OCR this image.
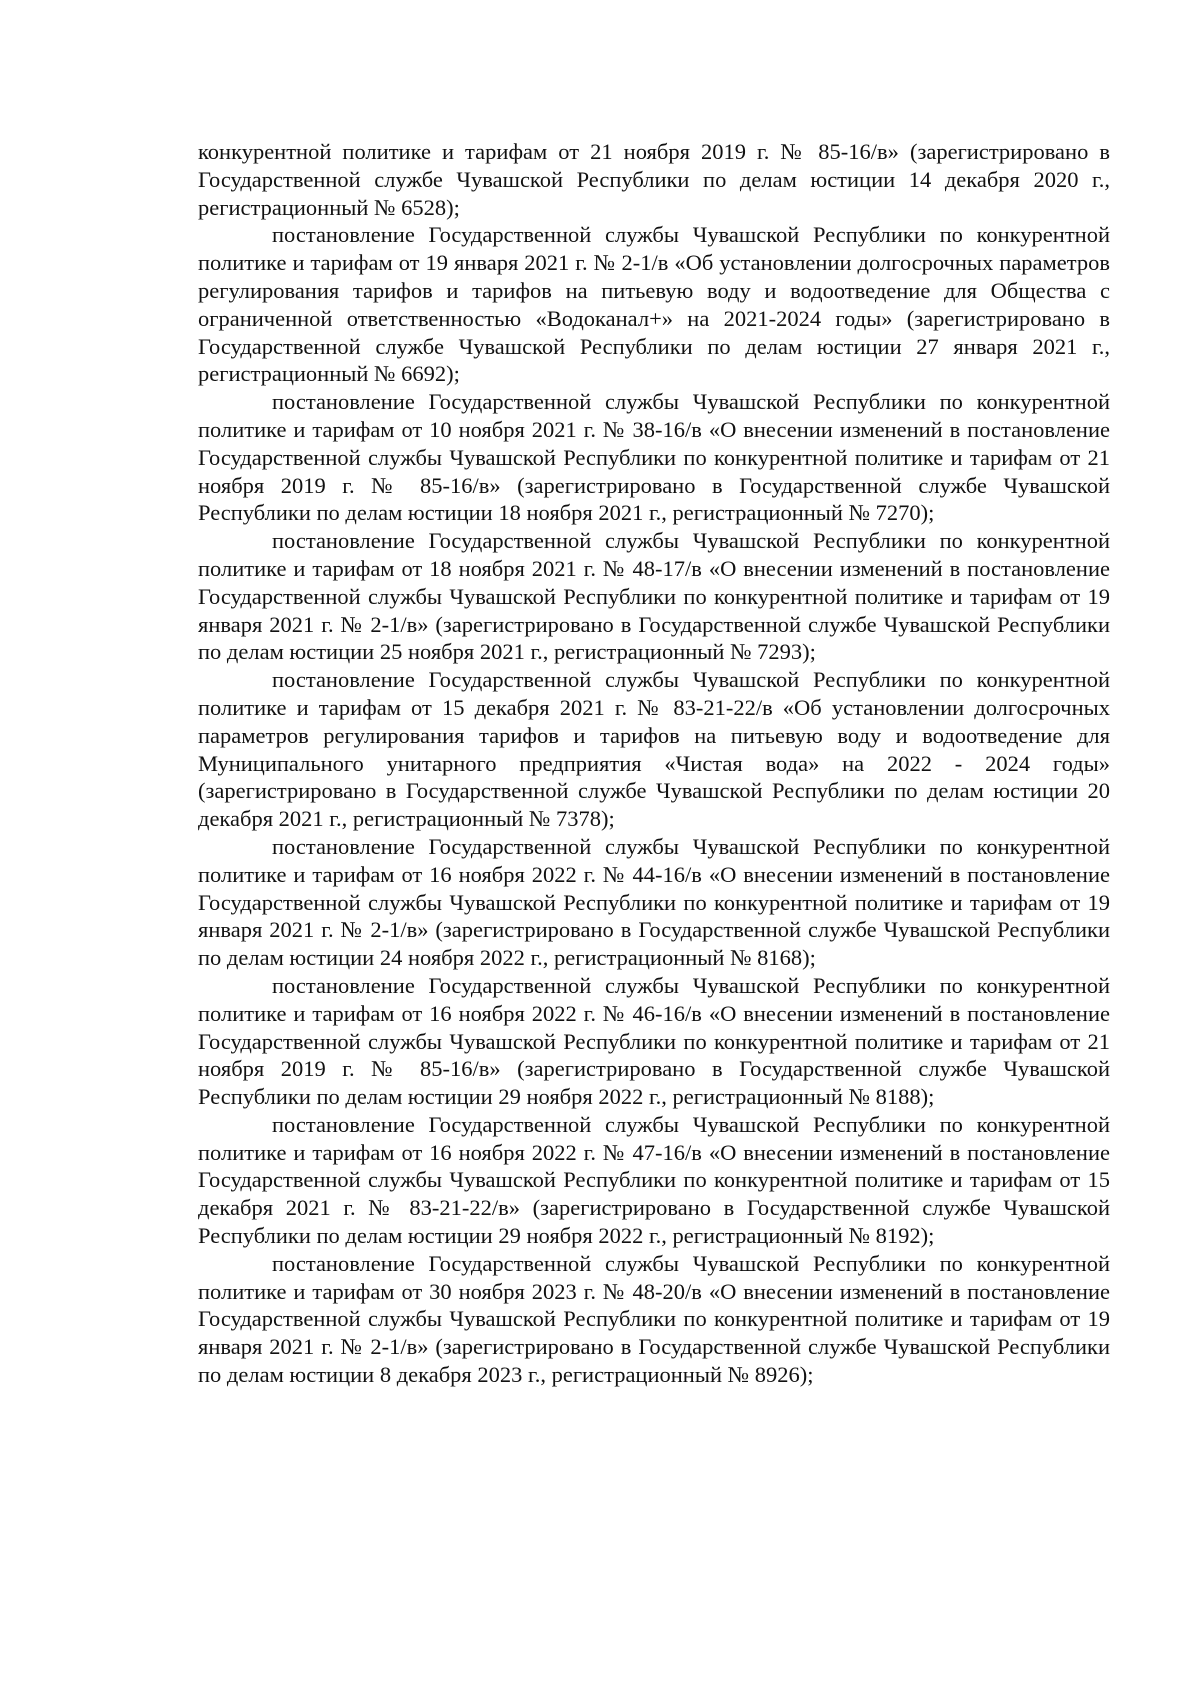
конкурентной политике и тарифам от 21 ноября 2019 г. № 85-16/в» (зарегистрировано в Государственной службе Чувашской Республики по делам юстиции 14 декабря 2020 г., регистрационный № 6528);

постановление Государственной службы Чувашской Республики по конкурентной политике и тарифам от 19 января 2021 г. № 2-1/в «Об установлении долгосрочных параметров регулирования тарифов и тарифов на питьевую воду и водоотведение для Общества с ограниченной ответственностью «Водоканал+» на 2021-2024 годы» (зарегистрировано в Государственной службе Чувашской Республики по делам юстиции 27 января 2021 г., регистрационный № 6692);

постановление Государственной службы Чувашской Республики по конкурентной политике и тарифам от 10 ноября 2021 г. № 38-16/в «О внесении изменений в постановление Государственной службы Чувашской Республики по конкурентной политике и тарифам от 21 ноября 2019 г. № 85-16/в» (зарегистрировано в Государственной службе Чувашской Республики по делам юстиции 18 ноября 2021 г., регистрационный № 7270);

постановление Государственной службы Чувашской Республики по конкурентной политике и тарифам от 18 ноября 2021 г. № 48-17/в «О внесении изменений в постановление Государственной службы Чувашской Республики по конкурентной политике и тарифам от 19 января 2021 г. № 2-1/в» (зарегистрировано в Государственной службе Чувашской Республики по делам юстиции 25 ноября 2021 г., регистрационный № 7293);

постановление Государственной службы Чувашской Республики по конкурентной политике и тарифам от 15 декабря 2021 г. № 83-21-22/в «Об установлении долгосрочных параметров регулирования тарифов и тарифов на питьевую воду и водоотведение для Муниципального унитарного предприятия «Чистая вода» на 2022 - 2024 годы» (зарегистрировано в Государственной службе Чувашской Республики по делам юстиции 20 декабря 2021 г., регистрационный № 7378);

постановление Государственной службы Чувашской Республики по конкурентной политике и тарифам от 16 ноября 2022 г. № 44-16/в «О внесении изменений в постановление Государственной службы Чувашской Республики по конкурентной политике и тарифам от 19 января 2021 г. № 2-1/в» (зарегистрировано в Государственной службе Чувашской Республики по делам юстиции 24 ноября 2022 г., регистрационный № 8168);

постановление Государственной службы Чувашской Республики по конкурентной политике и тарифам от 16 ноября 2022 г. № 46-16/в «О внесении изменений в постановление Государственной службы Чувашской Республики по конкурентной политике и тарифам от 21 ноября 2019 г. № 85-16/в» (зарегистрировано в Государственной службе Чувашской Республики по делам юстиции 29 ноября 2022 г., регистрационный № 8188);

постановление Государственной службы Чувашской Республики по конкурентной политике и тарифам от 16 ноября 2022 г. № 47-16/в «О внесении изменений в постановление Государственной службы Чувашской Республики по конкурентной политике и тарифам от 15 декабря 2021 г. № 83-21-22/в» (зарегистрировано в Государственной службе Чувашской Республики по делам юстиции 29 ноября 2022 г., регистрационный № 8192);

постановление Государственной службы Чувашской Республики по конкурентной политике и тарифам от 30 ноября 2023 г. № 48-20/в «О внесении изменений в постановление Государственной службы Чувашской Республики по конкурентной политике и тарифам от 19 января 2021 г. № 2-1/в» (зарегистрировано в Государственной службе Чувашской Республики по делам юстиции 8 декабря 2023 г., регистрационный № 8926);
